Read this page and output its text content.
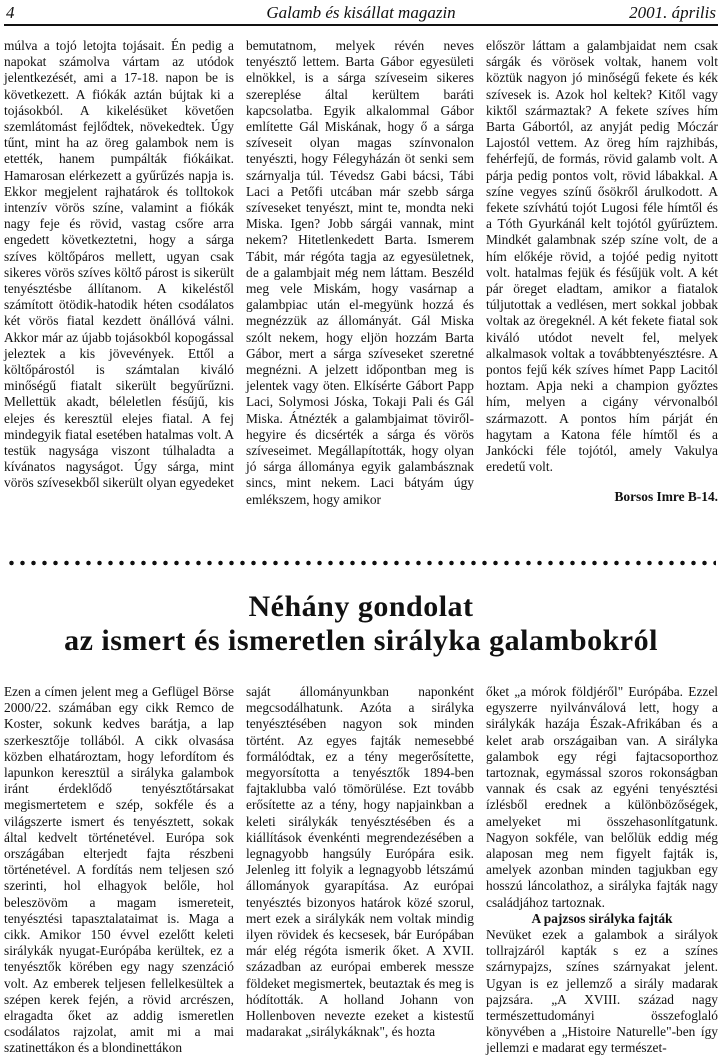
4	Galamb és kisállat magazin	2001. április

múlva a tojó letojta tojásait. Én pedig a napokat számolva vártam az utódok jelentkezését, ami a 17-18. napon be is következett. A fiókák aztán bújtak ki a tojásokból. A kikelésüket követően szemlátomást fejlődtek, növekedtek. Úgy tűnt, mint ha az öreg galambok nem is etették, hanem pumpálták fiókáikat. Hamarosan elérkezett a gyűrűzés napja is. Ekkor megjelent rajhatárok és tolltokok intenzív vörös színe, valamint a fiókák nagy feje és rövid, vastag csőre arra engedett következtetni, hogy a sárga szíves költőpáros mellett, ugyan csak sikeres vörös szíves költő párost is sikerült tenyésztésbe állítanom. A kikeléstől számított ötödik-hatodik héten csodálatos két vörös fiatal kezdett önállóvá válni. Akkor már az újabb tojásokból kopogással jeleztek a kis jövevények. Ettől a költőpárostól is számtalan kiváló minőségű fiatalt sikerült begyűrűzni. Mellettük akadt, béleletlen fésűjű, kis elejes és keresztül elejes fiatal. A fej mindegyik fiatal esetében hatalmas volt. A testük nagysága viszont túlhaladta a kívánatos nagyságot. Úgy sárga, mint vörös szívesekből sikerült olyan egyedeket

bemutatnom, melyek révén neves tenyésztő lettem. Barta Gábor egyesületi elnökkel, is a sárga szíveseim sikeres szereplése által kerültem baráti kapcsolatba. Egyik alkalommal Gábor említette Gál Miskának, hogy ő a sárga szíveseit olyan magas színvonalon tenyészti, hogy Félegyházán öt senki sem szárnyalja túl. Tévedsz Gabi bácsi, Tábi Laci a Petőfi utcában már szebb sárga szíveseket tenyészt, mint te, mondta neki Miska. Igen? Jobb sárgái vannak, mint nekem? Hitetlenkedett Barta. Ismerem Tábit, már régóta tagja az egyesületnek, de a galambjait még nem láttam. Beszéld meg vele Miskám, hogy vasárnap a galambpiac után el-megyünk hozzá és megnézzük az állományát. Gál Miska szólt nekem, hogy eljön hozzám Barta Gábor, mert a sárga szíveseket szeretné megnézni. A jelzett időpontban meg is jelentek vagy öten. Elkísérte Gábort Papp Laci, Solymosi Jóska, Tokaji Pali és Gál Miska. Átnézték a galambjaimat töviről-hegyire és dicsérték a sárga és vörös szíveseimet. Megállapították, hogy olyan jó sárga állománya egyik galambásznak sincs, mint nekem. Laci bátyám úgy emlékszem, hogy amikor

először láttam a galambjaidat nem csak sárgák és vörösek voltak, hanem volt köztük nagyon jó minőségű fekete és kék szívesek is. Azok hol keltek? Kitől vagy kiktől származtak? A fekete szíves hím Barta Gábortól, az anyját pedig Móczár Lajostól vettem. Az öreg hím rajzhibás, fehérfejű, de formás, rövid galamb volt. A párja pedig pontos volt, rövid lábakkal. A színe vegyes színű ősökről árulkodott. A fekete szívhátú tojót Lugosi féle hímtől és a Tóth Gyurkánál kelt tojótól gyűrűztem. Mindkét galambnak szép színe volt, de a hím előkéje rövid, a tojóé pedig nyitott volt. hatalmas fejük és fésűjük volt. A két pár öreget eladtam, amikor a fiatalok túljutottak a vedlésen, mert sokkal jobbak voltak az öregeknél. A két fekete fiatal sok kiváló utódot nevelt fel, melyek alkalmasok voltak a továbbtenyésztésre. A pontos fejű kék szíves hímet Papp Lacitól hoztam. Apja neki a champion győztes hím, melyen a cigány vérvonalból származott. A pontos hím párját én hagytam a Katona féle hímtől és a Jankócki féle tojótól, amely Vakulya eredetű volt.

Borsos Imre B-14.

Néhány gondolat
az ismert és ismeretlen sirályka galambokról

Ezen a címen jelent meg a Geflügel Börse 2000/22. számában egy cikk Remco de Koster, sokunk kedves barátja, a lap szerkesztője tollából. A cikk olvasása közben elhatároztam, hogy lefordítom és lapunkon keresztül a sirályka galambok iránt érdeklődő tenyésztőtársakat megismertetem e szép, sokféle és a világszerte ismert és tenyésztett, sokak által kedvelt történetével. Európa sok országában elterjedt fajta részbeni történetével. A fordítás nem teljesen szó szerinti, hol elhagyok belőle, hol beleszövöm a magam ismereteit, tenyésztési tapasztalataimat is. Maga a cikk. Amikor 150 évvel ezelőtt keleti sirálykák nyugat-Európába kerültek, ez a tenyésztők körében egy nagy szenzáció volt. Az emberek teljesen fellelkesültek a szépen kerek fején, a rövid arcrészen, elragadta őket az addig ismeretlen csodálatos rajzolat, amit mi a mai szatinettákon és a blondinettákon

saját állományunkban naponként megcsodálhatunk. Azóta a sirályka tenyésztésében nagyon sok minden történt. Az egyes fajták nemesebbé formálódtak, ez a tény megerősítette, megyorsította a tenyésztők 1894-ben fajtaklubba való tömörülése. Ezt tovább erősítette az a tény, hogy napjainkban a keleti sirálykák tenyésztésében és a kiállítások évenkénti megrendezésében a legnagyobb hangsúly Európára esik. Jelenleg itt folyik a legnagyobb létszámú állományok gyarapítása. Az európai tenyésztés bizonyos határok közé szorul, mert ezek a sirálykák nem voltak mindig ilyen rövidek és kecsesek, bár Európában már elég régóta ismerik őket. A XVII. században az európai emberek messze földeket megismertek, beutaztak és meg is hódították. A holland Johann von Hollenboven nevezte ezeket a kistestű madarakat „sirálykáknak", és hozta

őket „a mórok földjéről" Európába. Ezzel egyszerre nyilvánválová lett, hogy a sirálykák hazája Észak-Afrikában és a kelet arab országaiban van. A sirályka galambok egy régi fajtacsoporthoz tartoznak, egymással szoros rokonságban vannak és csak az egyéni tenyésztési ízlésből erednek a különbözőségek, amelyeket mi összehasonlítgatunk. Nagyon sokféle, van belőlük eddig még alaposan meg nem figyelt fajták is, amelyek azonban minden tagjukban egy hosszú láncolathoz, a sirályka fajták nagy családjához tartoznak.

A pajzsos sirályka fajták

Nevüket ezek a galambok a sirályok tollrajzáról kapták s ez a színes szárnypajzs, színes szárnyakat jelent. Ugyan is ez jellemző a sirály madarak pajzsára. „A XVIII. század nagy természettudományi összefoglaló könyvében a „Histoire Naturelle"-ben így jellemzi e madarat egy természet-
